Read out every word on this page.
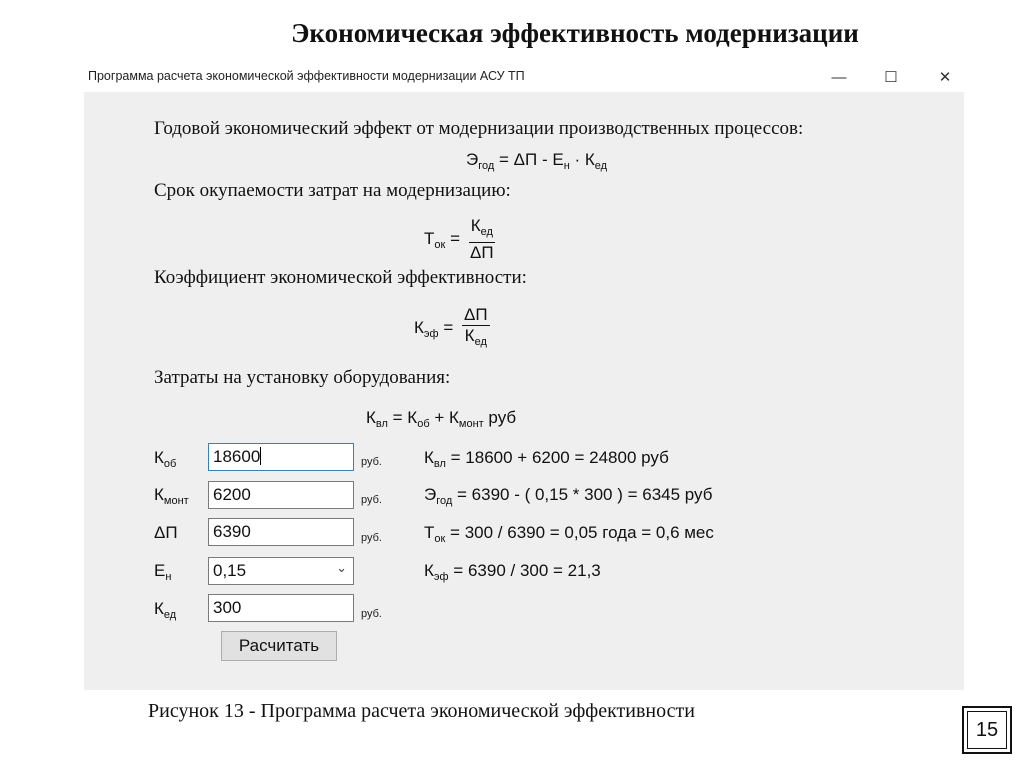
Экономическая эффективность модернизации
Программа расчета экономической эффективности модернизации АСУ ТП	—	☐	✕
Годовой экономический эффект от модернизации производственных процессов:
$Э_{год} = \Delta П - Е_н \cdot К_{ед}$
Срок окупаемости затрат на модернизацию:
$Т_{ок} = \frac{К_{ед}}{\Delta П}$
Коэффициент экономической эффективности:
$К_{эф} = \frac{\Delta П}{К_{ед}}$
Затраты на установку оборудования:
$К_{вл} = К_{об} + К_{монт}$ руб
$К_{об}$ 18600	руб. $К_{вл} = 18600 + 6200 = 24800$ руб
$К_{монт}$ 6200	руб. $Э_{год} = 6390$ - ( 0,15 * 300 ) = 6345 руб
ΔП 6390	руб. $Т_{ок} = 300 / 6390 = 0,05$ года = 0,6 мес
$Е_н$ 0,15	⌄	$К_{эф} = 6390 / 300 = 21,3$
$К_{ед}$ 300	руб.
Расчитать
Рисунок 13 - Программа расчета экономической эффективности
15
